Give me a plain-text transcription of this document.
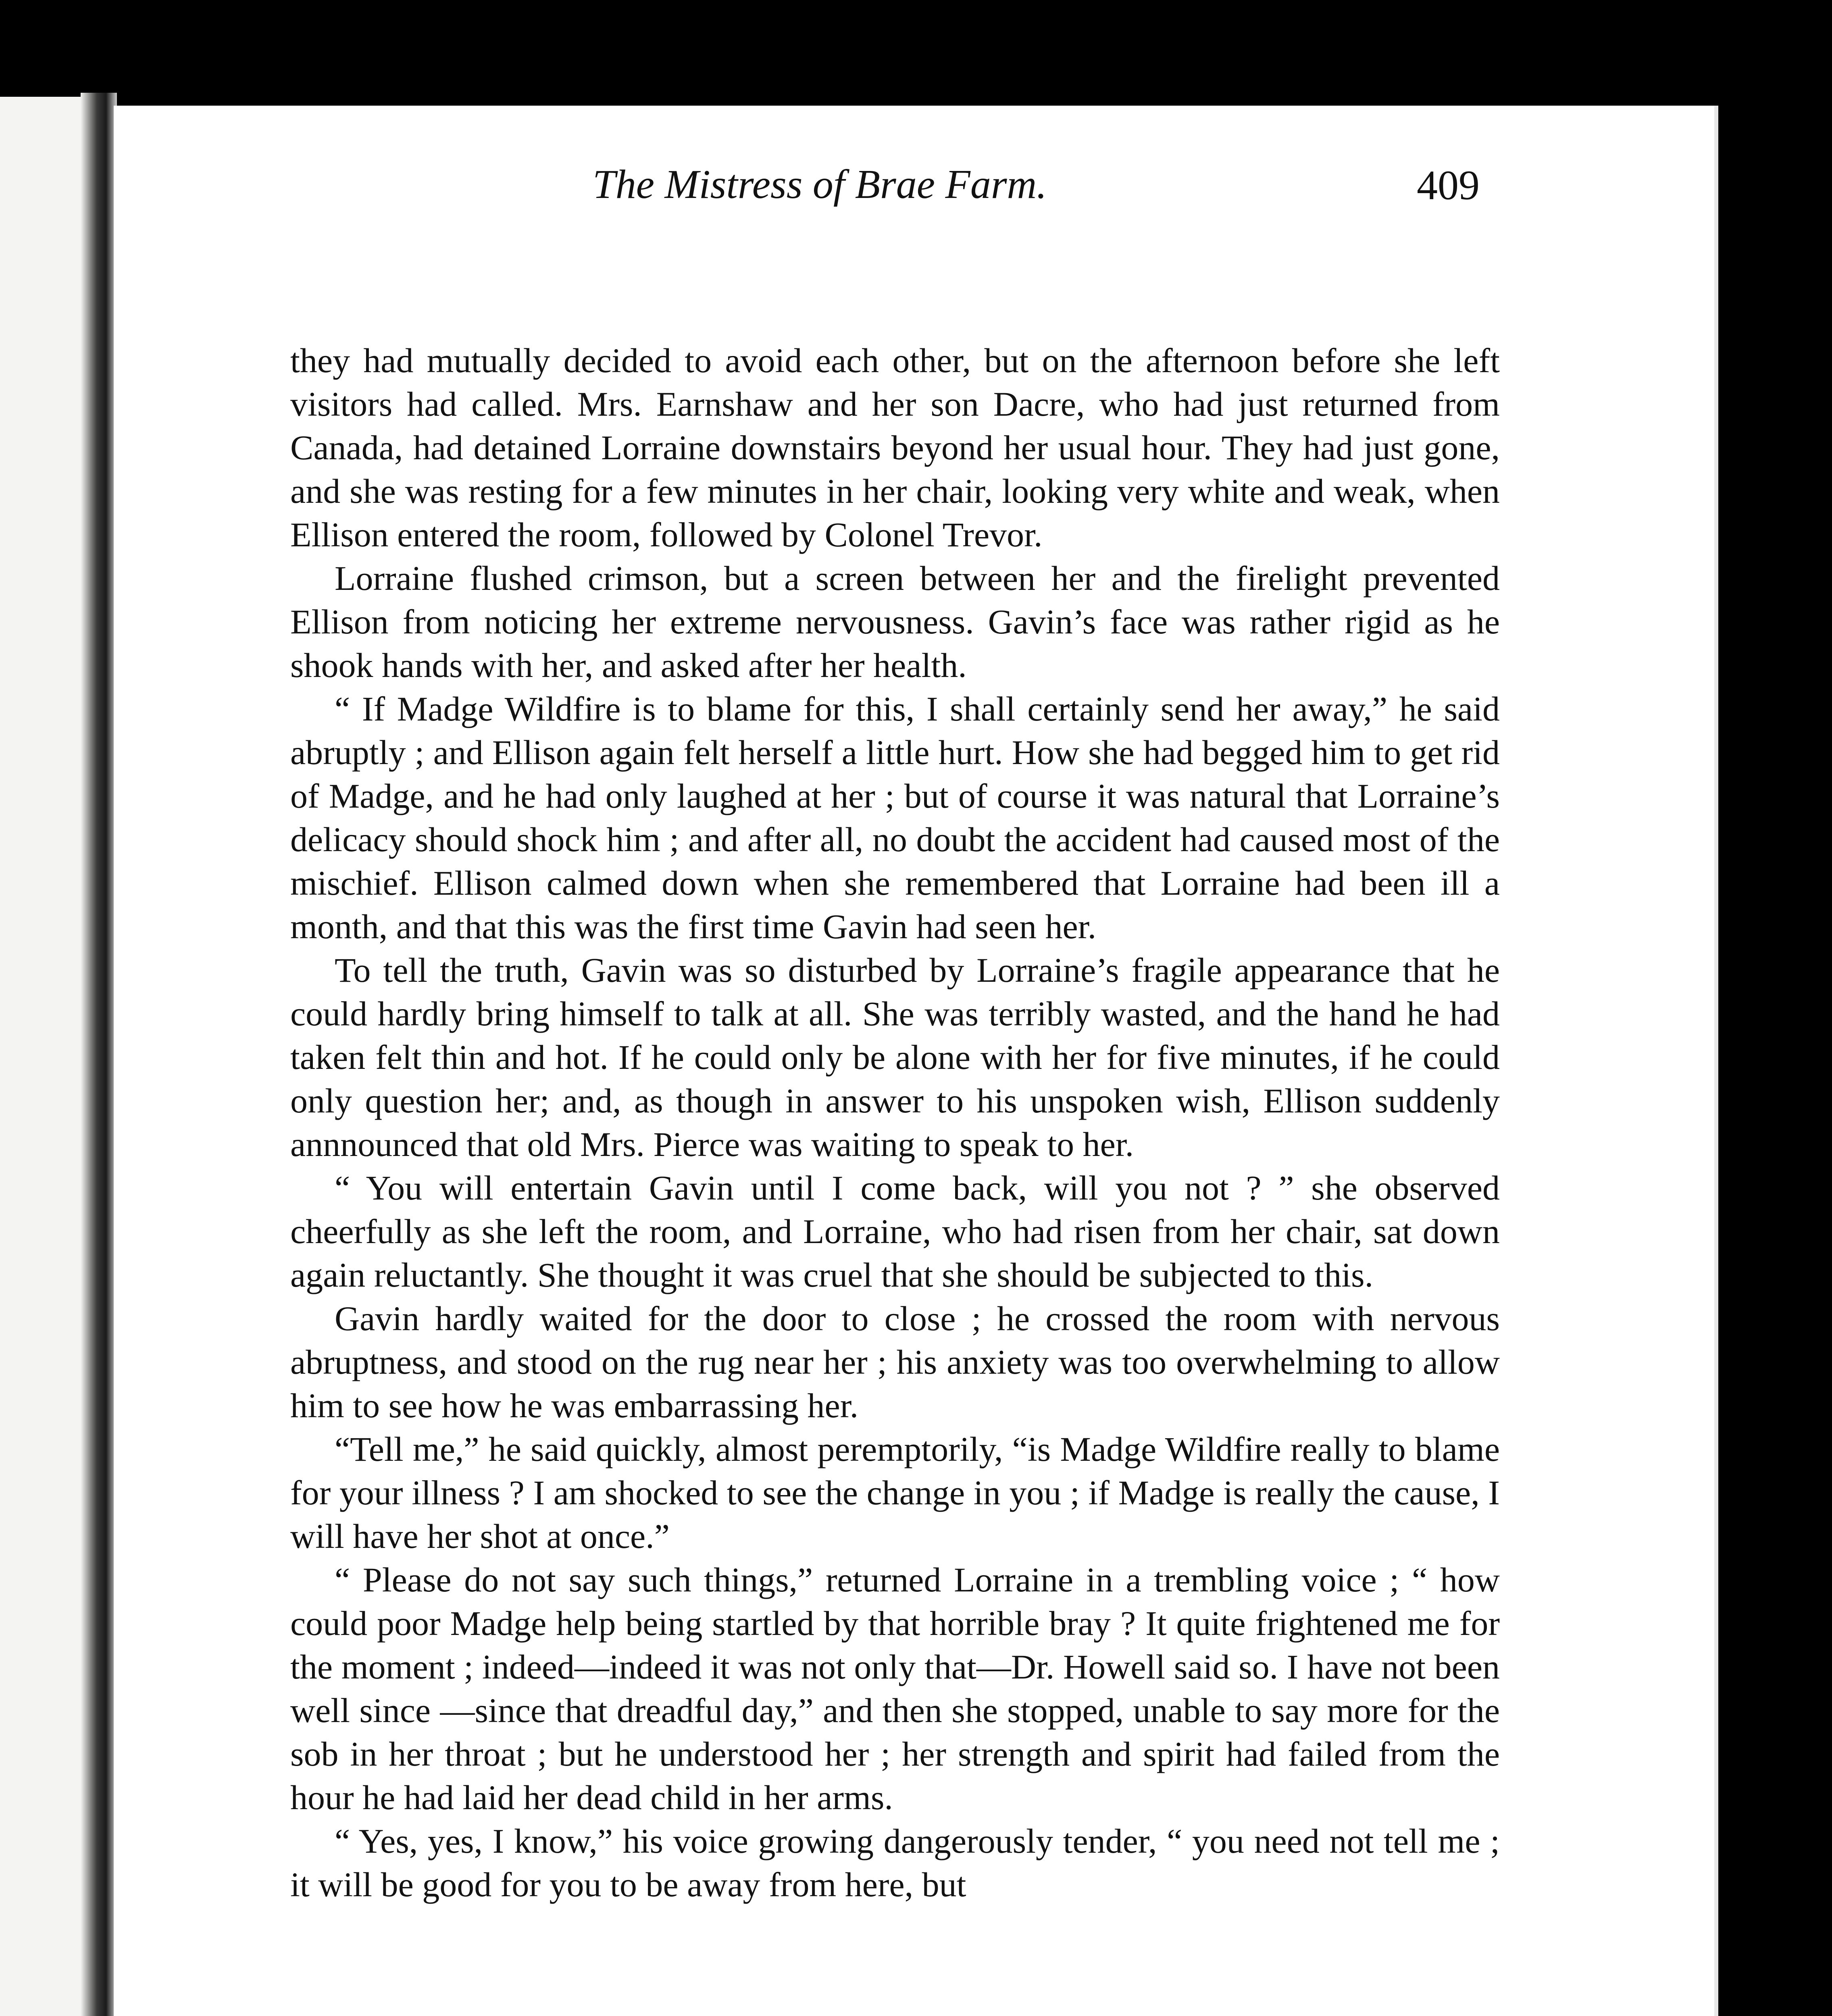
The Mistress of Brae Farm.	409

they had mutually decided to avoid each other, but on the afternoon before she left visitors had called. Mrs. Earnshaw and her son Dacre, who had just returned from Canada, had detained Lorraine downstairs beyond her usual hour. They had just gone, and she was resting for a few minutes in her chair, looking very white and weak, when Ellison entered the room, followed by Colonel Trevor.

Lorraine flushed crimson, but a screen between her and the firelight prevented Ellison from noticing her extreme nervousness. Gavin’s face was rather rigid as he shook hands with her, and asked after her health.

“ If Madge Wildfire is to blame for this, I shall certainly send her away,” he said abruptly ; and Ellison again felt herself a little hurt. How she had begged him to get rid of Madge, and he had only laughed at her ; but of course it was natural that Lorraine’s delicacy should shock him ; and after all, no doubt the accident had caused most of the mischief. Ellison calmed down when she remembered that Lorraine had been ill a month, and that this was the first time Gavin had seen her.

To tell the truth, Gavin was so disturbed by Lorraine’s fragile appearance that he could hardly bring himself to talk at all. She was terribly wasted, and the hand he had taken felt thin and hot. If he could only be alone with her for five minutes, if he could only question her; and, as though in answer to his unspoken wish, Ellison suddenly annnounced that old Mrs. Pierce was waiting to speak to her.

“ You will entertain Gavin until I come back, will you not ? ” she observed cheerfully as she left the room, and Lorraine, who had risen from her chair, sat down again reluctantly. She thought it was cruel that she should be subjected to this.

Gavin hardly waited for the door to close ; he crossed the room with nervous abruptness, and stood on the rug near her ; his anxiety was too overwhelming to allow him to see how he was embarrassing her.

“Tell me,” he said quickly, almost peremptorily, “is Madge Wildfire really to blame for your illness ? I am shocked to see the change in you ; if Madge is really the cause, I will have her shot at once.”

“ Please do not say such things,” returned Lorraine in a trembling voice ; “ how could poor Madge help being startled by that horrible bray ? It quite frightened me for the moment ; indeed—indeed it was not only that—Dr. Howell said so. I have not been well since —since that dreadful day,” and then she stopped, unable to say more for the sob in her throat ; but he understood her ; her strength and spirit had failed from the hour he had laid her dead child in her arms.

“ Yes, yes, I know,” his voice growing dangerously tender, “ you need not tell me ; it will be good for you to be away from here, but
